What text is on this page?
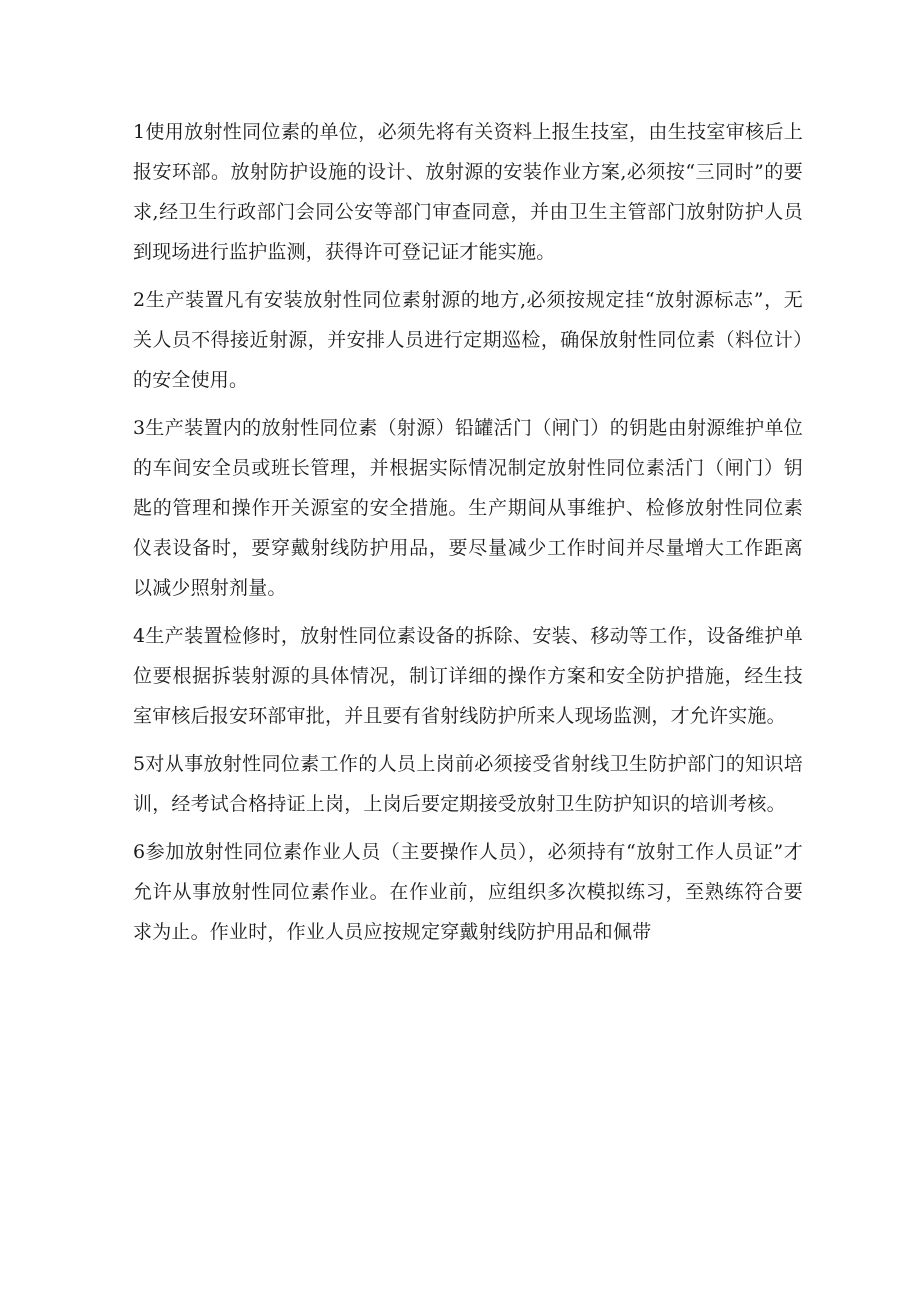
1使用放射性同位素的单位，必须先将有关资料上报生技室，由生技室审核后上报安环部。放射防护设施的设计、放射源的安装作业方案,必须按“三同时”的要求,经卫生行政部门会同公安等部门审查同意，并由卫生主管部门放射防护人员到现场进行监护监测，获得许可登记证才能实施。

2生产装置凡有安装放射性同位素射源的地方,必须按规定挂“放射源标志”，无关人员不得接近射源，并安排人员进行定期巡检，确保放射性同位素（料位计）的安全使用。

3生产装置内的放射性同位素（射源）铅罐活门（闸门）的钥匙由射源维护单位的车间安全员或班长管理，并根据实际情况制定放射性同位素活门（闸门）钥匙的管理和操作开关源室的安全措施。生产期间从事维护、检修放射性同位素仪表设备时，要穿戴射线防护用品，要尽量减少工作时间并尽量增大工作距离以减少照射剂量。

4生产装置检修时，放射性同位素设备的拆除、安装、移动等工作，设备维护单位要根据拆装射源的具体情况，制订详细的操作方案和安全防护措施，经生技室审核后报安环部审批，并且要有省射线防护所来人现场监测，才允许实施。

5对从事放射性同位素工作的人员上岗前必须接受省射线卫生防护部门的知识培训，经考试合格持证上岗，上岗后要定期接受放射卫生防护知识的培训考核。

6参加放射性同位素作业人员（主要操作人员），必须持有“放射工作人员证”才允许从事放射性同位素作业。在作业前，应组织多次模拟练习，至熟练符合要求为止。作业时，作业人员应按规定穿戴射线防护用品和佩带
